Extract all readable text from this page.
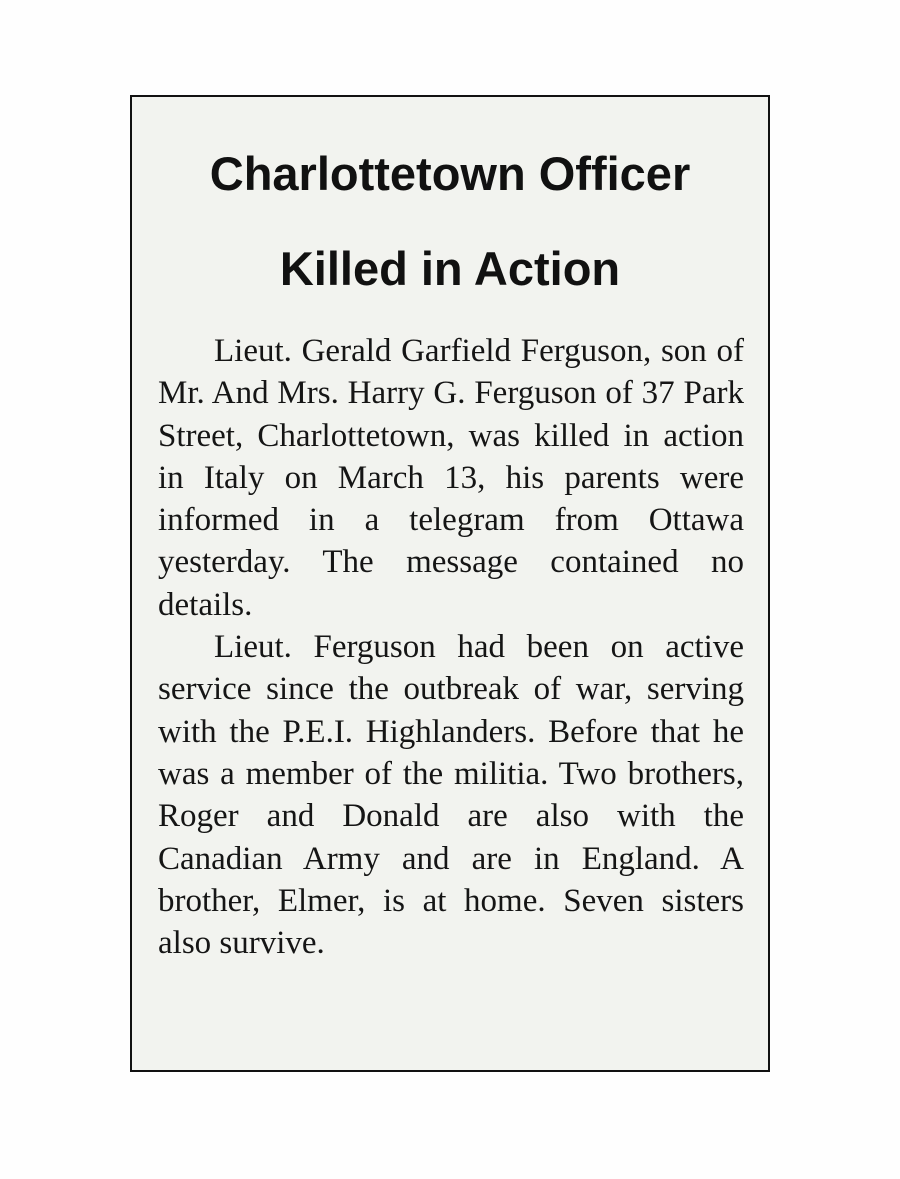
Charlottetown Officer
Killed in Action

Lieut. Gerald Garfield Ferguson, son of Mr. And Mrs. Harry G. Ferguson of 37 Park Street, Charlottetown, was killed in action in Italy on March 13, his parents were informed in a telegram from Ottawa yesterday. The message contained no details.

Lieut. Ferguson had been on active service since the outbreak of war, serving with the P.E.I. Highlanders. Before that he was a member of the militia. Two brothers, Roger and Donald are also with the Canadian Army and are in England. A brother, Elmer, is at home. Seven sisters also survive.
